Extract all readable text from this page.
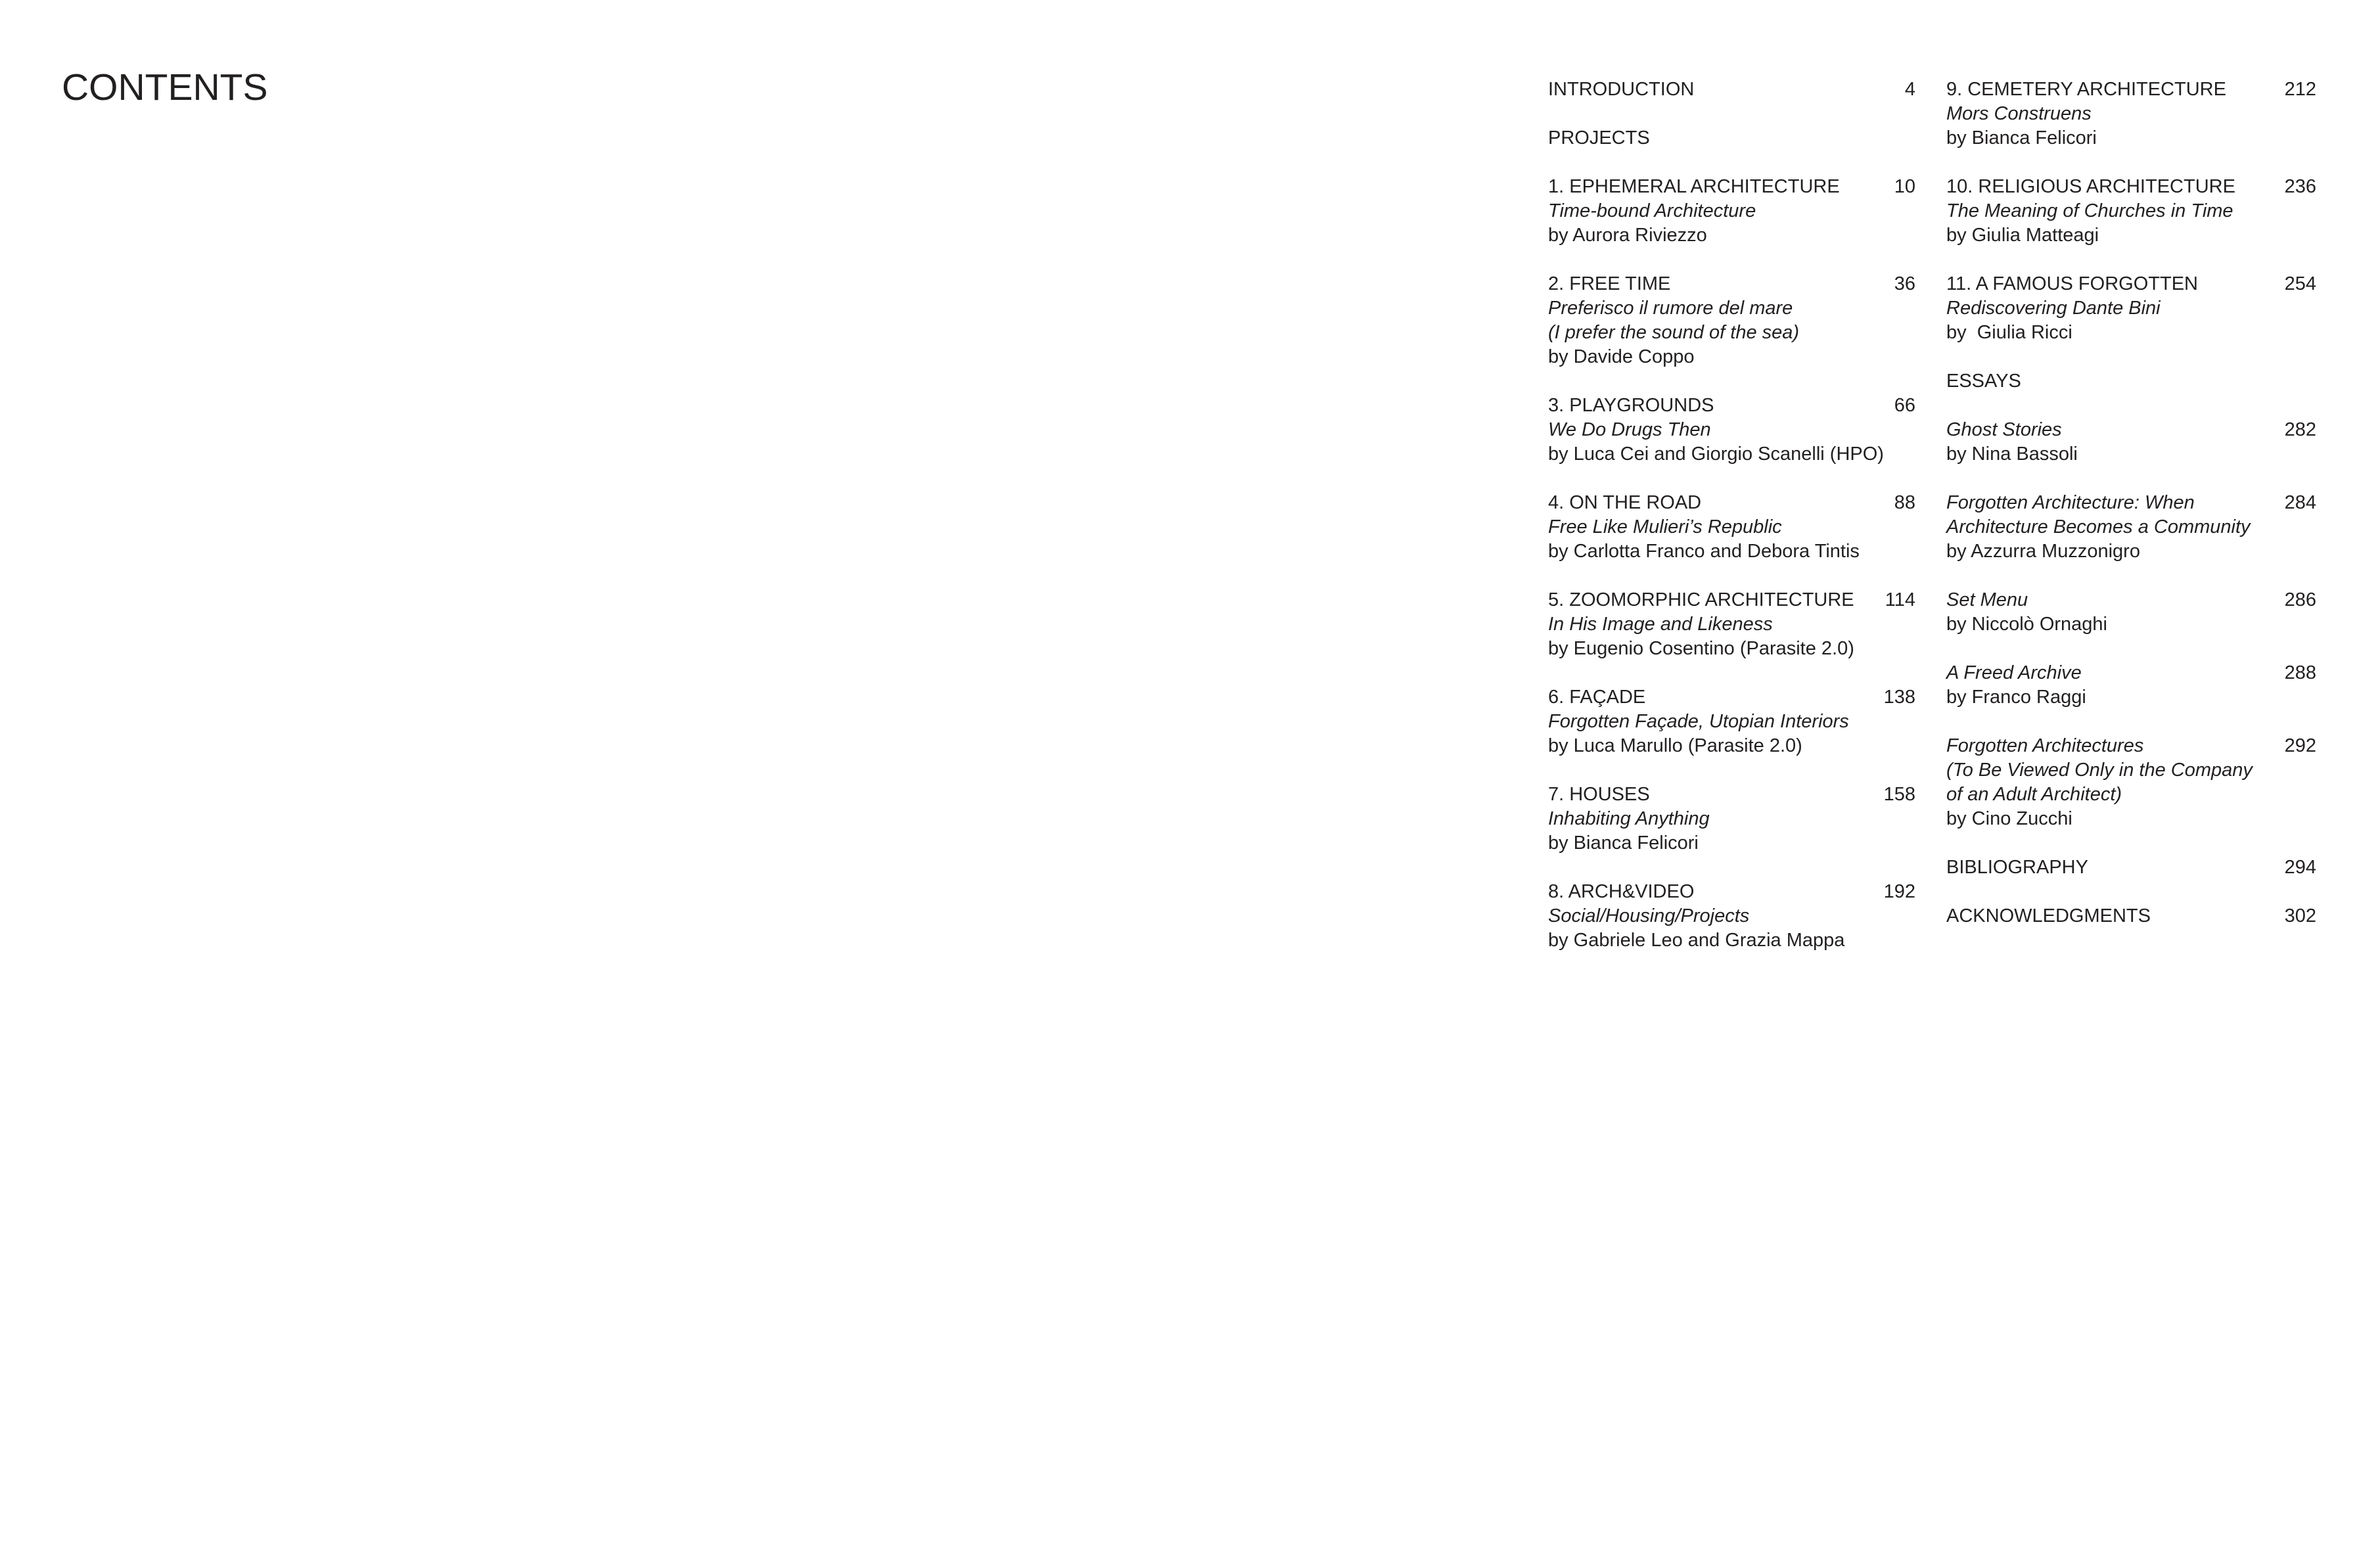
CONTENTS	INTRODUCTION	4
PROJECTS
1. EPHEMERAL ARCHITECTURE	10
Time-bound Architecture
by Aurora Riviezzo
2. FREE TIME	36
Preferisco il rumore del mare
(I prefer the sound of the sea)
by Davide Coppo
3. PLAYGROUNDS	66
We Do Drugs Then
by Luca Cei and Giorgio Scanelli (HPO)
4. ON THE ROAD	88
Free Like Mulieri’s Republic
by Carlotta Franco and Debora Tintis
5. ZOOMORPHIC ARCHITECTURE	114
In His Image and Likeness
by Eugenio Cosentino (Parasite 2.0)
6. FAÇADE	138
Forgotten Façade, Utopian Interiors
by Luca Marullo (Parasite 2.0)
7. HOUSES	158
Inhabiting Anything
by Bianca Felicori
8. ARCH&VIDEO	192
Social/Housing/Projects
by Gabriele Leo and Grazia Mappa
9. CEMETERY ARCHITECTURE	212
Mors Construens
by Bianca Felicori
10. RELIGIOUS ARCHITECTURE	236
The Meaning of Churches in Time
by Giulia Matteagi
11. A FAMOUS FORGOTTEN	254
Rediscovering Dante Bini
by  Giulia Ricci
ESSAYS
Ghost Stories	282
by Nina Bassoli
Forgotten Architecture: When	284
Architecture Becomes a Community
by Azzurra Muzzonigro
Set Menu	286
by Niccolò Ornaghi
A Freed Archive	288
by Franco Raggi
Forgotten Architectures	292
(To Be Viewed Only in the Company
of an Adult Architect)
by Cino Zucchi
BIBLIOGRAPHY	294
ACKNOWLEDGMENTS	302
